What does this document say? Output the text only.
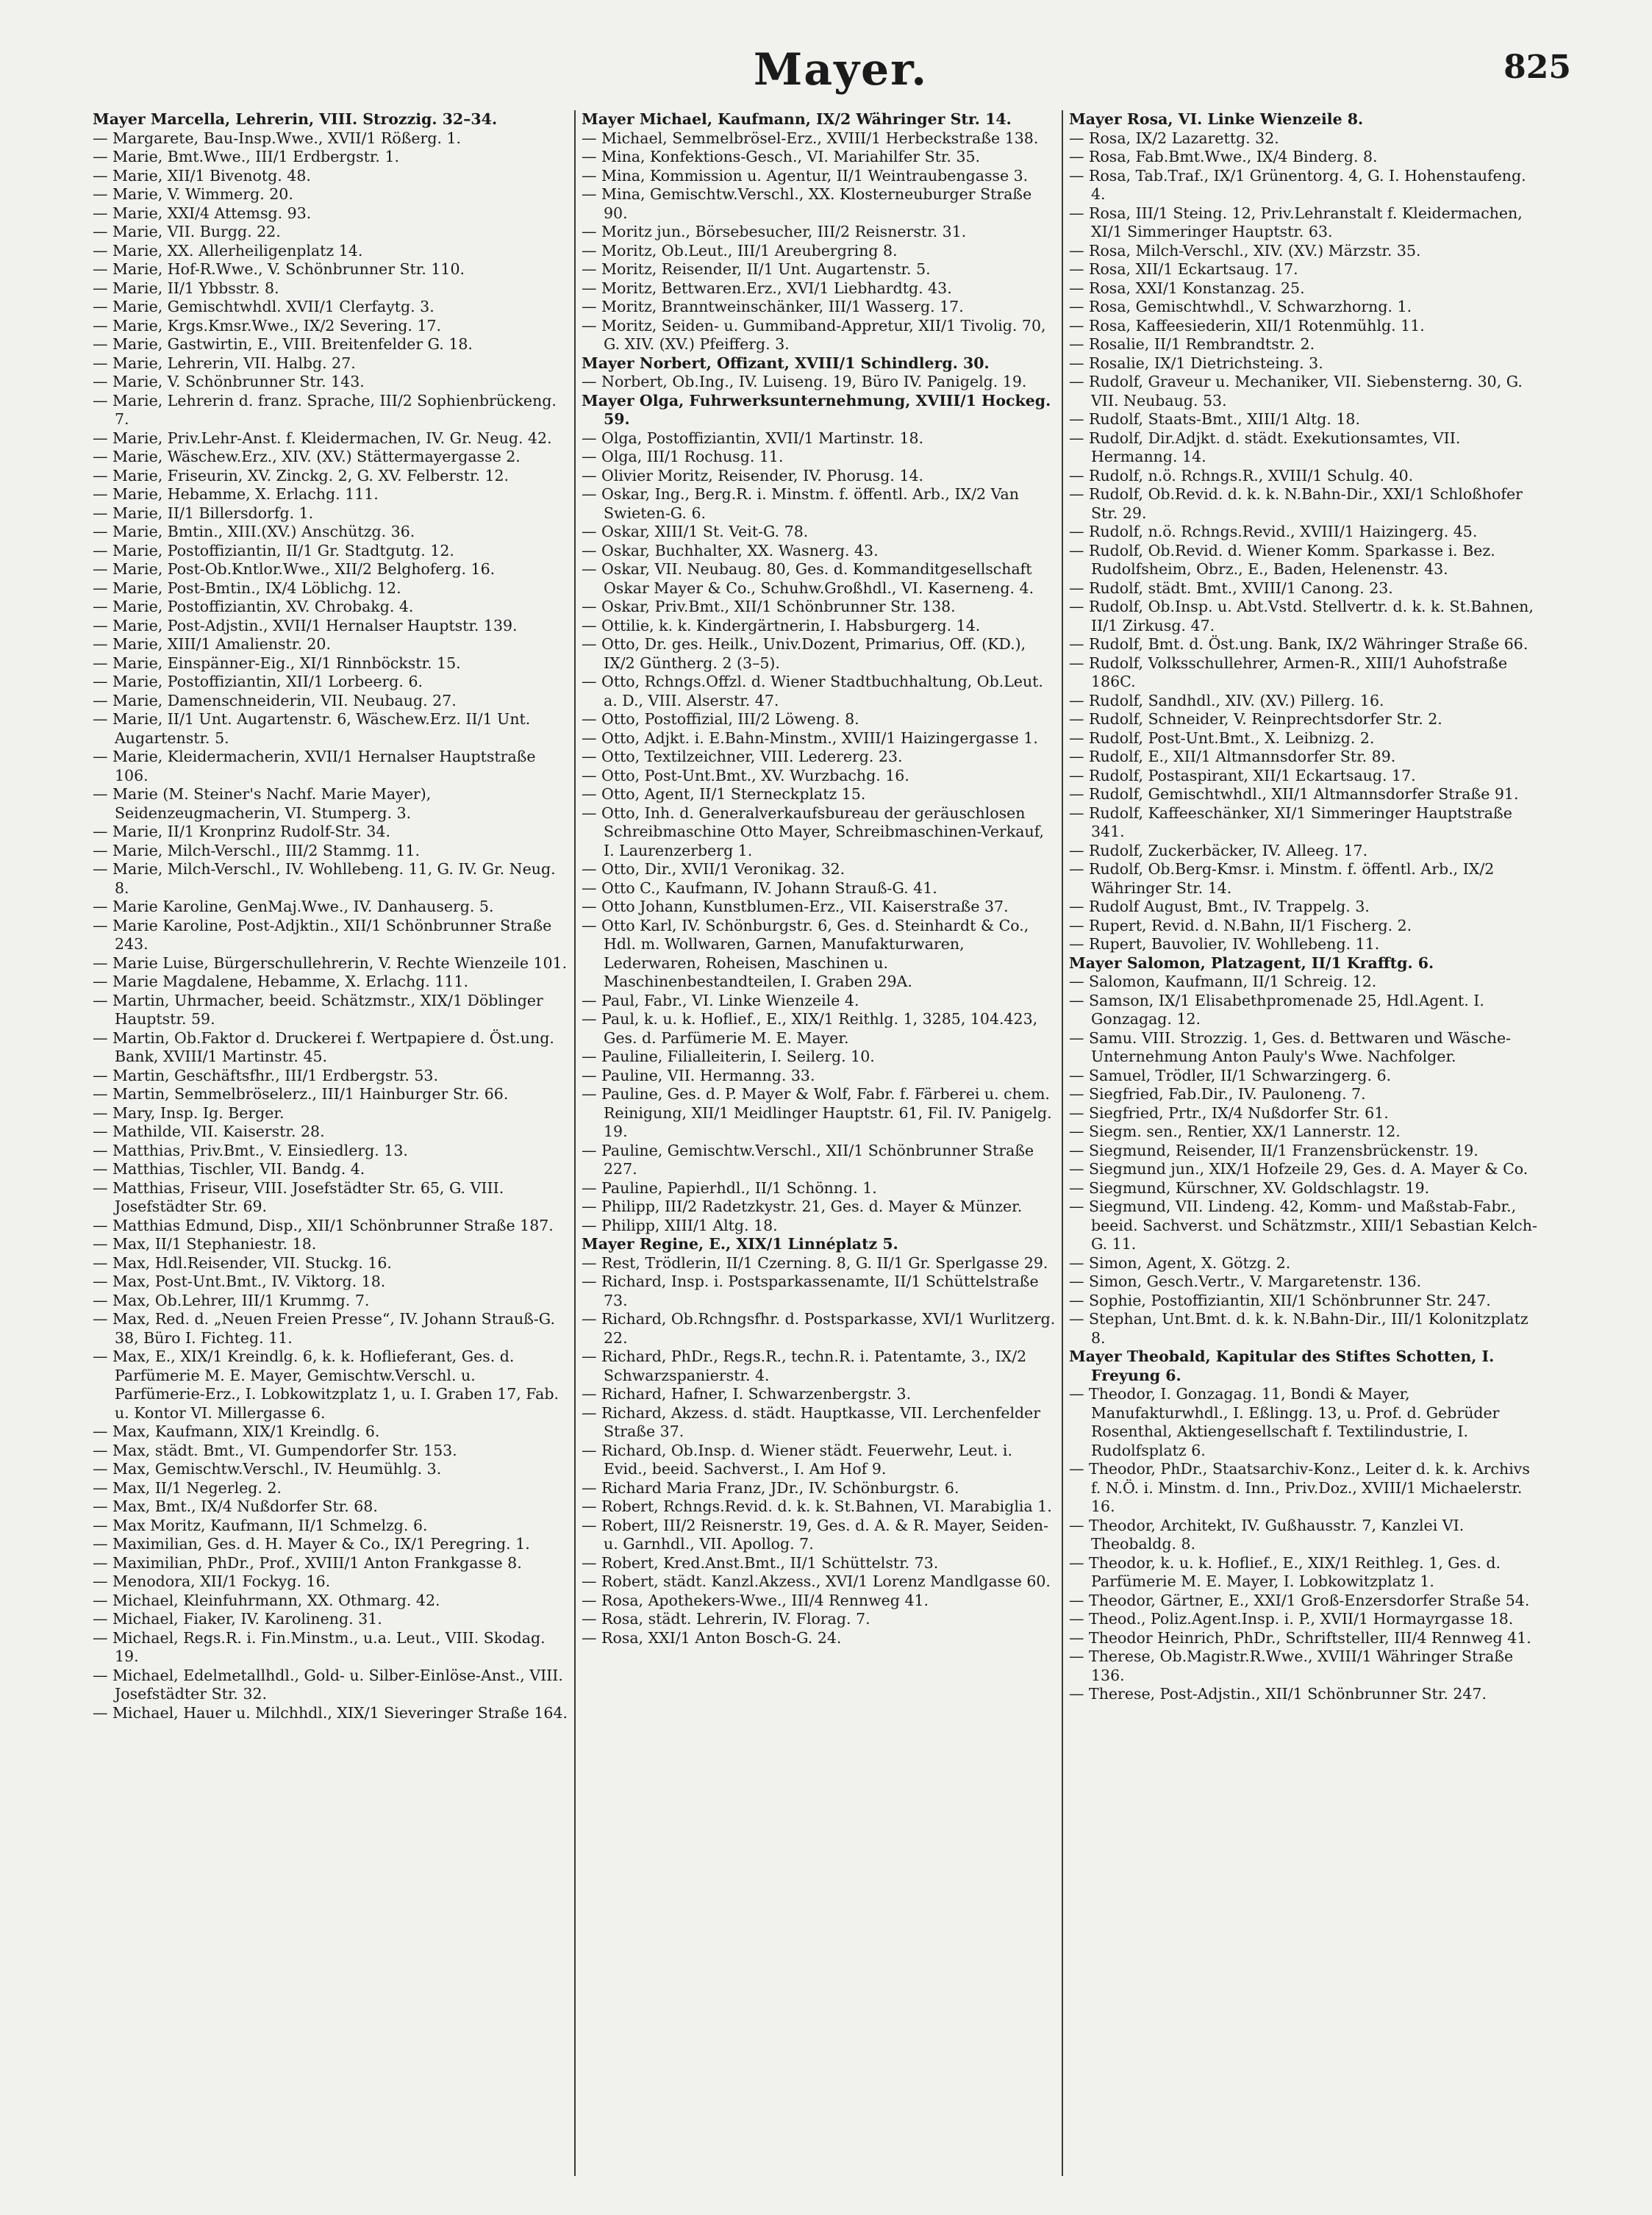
Mayer.	825
Mayer Marcella, Lehrerin, VIII. Strozzig. 32–34.
— Margarete, Bau-Insp.Wwe., XVII/1 Rößerg. 1.
— Marie, Bmt.Wwe., III/1 Erdbergstr. 1.
— Marie, XII/1 Bivenotg. 48.
— Marie, V. Wimmerg. 20.
— Marie, XXI/4 Attemsg. 93.
— Marie, VII. Burgg. 22.
— Marie, XX. Allerheiligenplatz 14.
— Marie, Hof-R.Wwe., V. Schönbrunner Str. 110.
— Marie, II/1 Ybbsstr. 8.
— Marie, Gemischtwhdl. XVII/1 Clerfaytg. 3.
— Marie, Krgs.Kmsr.Wwe., IX/2 Severing. 17.
— Marie, Gastwirtin, E., VIII. Breitenfelder G. 18.
— Marie, Lehrerin, VII. Halbg. 27.
— Marie, V. Schönbrunner Str. 143.
— Marie, Lehrerin d. franz. Sprache, III/2 Sophienbrückeng. 7.
— Marie, Priv.Lehr-Anst. f. Kleidermachen, IV. Gr. Neug. 42.
— Marie, Wäschew.Erz., XIV. (XV.) Stättermayergasse 2.
— Marie, Friseurin, XV. Zinckg. 2, G. XV. Felberstr. 12.
— Marie, Hebamme, X. Erlachg. 111.
— Marie, II/1 Billersdorfg. 1.
— Marie, Bmtin., XIII.(XV.) Anschützg. 36.
— Marie, Postoffiziantin, II/1 Gr. Stadtgutg. 12.
— Marie, Post-Ob.Kntlor.Wwe., XII/2 Belghoferg. 16.
— Marie, Post-Bmtin., IX/4 Löblichg. 12.
— Marie, Postoffiziantin, XV. Chrobakg. 4.
— Marie, Post-Adjstin., XVII/1 Hernalser Hauptstr. 139.
— Marie, XIII/1 Amalienstr. 20.
— Marie, Einspänner-Eig., XI/1 Rinnböckstr. 15.
— Marie, Postoffiziantin, XII/1 Lorbeerg. 6.
— Marie, Damenschneiderin, VII. Neubaug. 27.
— Marie, II/1 Unt. Augartenstr. 6, Wäschew.Erz. II/1 Unt. Augartenstr. 5.
— Marie, Kleidermacherin, XVII/1 Hernalser Hauptstraße 106.
— Marie (M. Steiner's Nachf. Marie Mayer), Seidenzeugmacherin, VI. Stumperg. 3.
— Marie, II/1 Kronprinz Rudolf-Str. 34.
— Marie, Milch-Verschl., III/2 Stammg. 11.
— Marie, Milch-Verschl., IV. Wohllebeng. 11, G. IV. Gr. Neug. 8.
— Marie Karoline, GenMaj.Wwe., IV. Danhauserg. 5.
— Marie Karoline, Post-Adjktin., XII/1 Schönbrunner Straße 243.
— Marie Luise, Bürgerschullehrerin, V. Rechte Wienzeile 101.
— Marie Magdalene, Hebamme, X. Erlachg. 111.
— Martin, Uhrmacher, beeid. Schätzmstr., XIX/1 Döblinger Hauptstr. 59.
— Martin, Ob.Faktor d. Druckerei f. Wertpapiere d. Öst.ung. Bank, XVIII/1 Martinstr. 45.
— Martin, Geschäftsfhr., III/1 Erdbergstr. 53.
— Martin, Semmelbröselerz., III/1 Hainburger Str. 66.
— Mary, Insp. Ig. Berger.
— Mathilde, VII. Kaiserstr. 28.
— Matthias, Priv.Bmt., V. Einsiedlerg. 13.
— Matthias, Tischler, VII. Bandg. 4.
— Matthias, Friseur, VIII. Josefstädter Str. 65, G. VIII. Josefstädter Str. 69.
— Matthias Edmund, Disp., XII/1 Schönbrunner Straße 187.
— Max, II/1 Stephaniestr. 18.
— Max, Hdl.Reisender, VII. Stuckg. 16.
— Max, Post-Unt.Bmt., IV. Viktorg. 18.
— Max, Ob.Lehrer, III/1 Krummg. 7.
— Max, Red. d. „Neuen Freien Presse“, IV. Johann Strauß-G. 38, Büro I. Fichteg. 11.
— Max, E., XIX/1 Kreindlg. 6, k. k. Hoflieferant, Ges. d. Parfümerie M. E. Mayer, Gemischtw.Verschl. u. Parfümerie-Erz., I. Lobkowitzplatz 1, u. I. Graben 17, Fab. u. Kontor VI. Millergasse 6.
— Max, Kaufmann, XIX/1 Kreindlg. 6.
— Max, städt. Bmt., VI. Gumpendorfer Str. 153.
— Max, Gemischtw.Verschl., IV. Heumühlg. 3.
— Max, II/1 Negerleg. 2.
— Max, Bmt., IX/4 Nußdorfer Str. 68.
— Max Moritz, Kaufmann, II/1 Schmelzg. 6.
— Maximilian, Ges. d. H. Mayer & Co., IX/1 Peregring. 1.
— Maximilian, PhDr., Prof., XVIII/1 Anton Frankgasse 8.
— Menodora, XII/1 Fockyg. 16.
— Michael, Kleinfuhrmann, XX. Othmarg. 42.
— Michael, Fiaker, IV. Karolineng. 31.
— Michael, Regs.R. i. Fin.Minstm., u.a. Leut., VIII. Skodag. 19.
— Michael, Edelmetallhdl., Gold- u. Silber-Einlöse-Anst., VIII. Josefstädter Str. 32.
— Michael, Hauer u. Milchhdl., XIX/1 Sieveringer Straße 164.
Mayer Michael, Kaufmann, IX/2 Währinger Str. 14.
— Michael, Semmelbrösel-Erz., XVIII/1 Herbeckstraße 138.
— Mina, Konfektions-Gesch., VI. Mariahilfer Str. 35.
— Mina, Kommission u. Agentur, II/1 Weintraubengasse 3.
— Mina, Gemischtw.Verschl., XX. Klosterneuburger Straße 90.
— Moritz jun., Börsebesucher, III/2 Reisnerstr. 31.
— Moritz, Ob.Leut., III/1 Areubergring 8.
— Moritz, Reisender, II/1 Unt. Augartenstr. 5.
— Moritz, Bettwaren.Erz., XVI/1 Liebhardtg. 43.
— Moritz, Branntweinschänker, III/1 Wasserg. 17.
— Moritz, Seiden- u. Gummiband-Appretur, XII/1 Tivolig. 70, G. XIV. (XV.) Pfeifferg. 3.
Mayer Norbert, Offizant, XVIII/1 Schindlerg. 30.
— Norbert, Ob.Ing., IV. Luiseng. 19, Büro IV. Panigelg. 19.
Mayer Olga, Fuhrwerksunternehmung, XVIII/1 Hockeg. 59.
— Olga, Postoffiziantin, XVII/1 Martinstr. 18.
— Olga, III/1 Rochusg. 11.
— Olivier Moritz, Reisender, IV. Phorusg. 14.
— Oskar, Ing., Berg.R. i. Minstm. f. öffentl. Arb., IX/2 Van Swieten-G. 6.
— Oskar, XIII/1 St. Veit-G. 78.
— Oskar, Buchhalter, XX. Wasnerg. 43.
— Oskar, VII. Neubaug. 80, Ges. d. Kommanditgesellschaft Oskar Mayer & Co., Schuhw.Großhdl., VI. Kaserneng. 4.
— Oskar, Priv.Bmt., XII/1 Schönbrunner Str. 138.
— Ottilie, k. k. Kindergärtnerin, I. Habsburgerg. 14.
— Otto, Dr. ges. Heilk., Univ.Dozent, Primarius, Off. (KD.), IX/2 Güntherg. 2 (3–5).
— Otto, Rchngs.Offzl. d. Wiener Stadtbuchhaltung, Ob.Leut. a. D., VIII. Alserstr. 47.
— Otto, Postoffizial, III/2 Löweng. 8.
— Otto, Adjkt. i. E.Bahn-Minstm., XVIII/1 Haizingergasse 1.
— Otto, Textilzeichner, VIII. Ledererg. 23.
— Otto, Post-Unt.Bmt., XV. Wurzbachg. 16.
— Otto, Agent, II/1 Sterneckplatz 15.
— Otto, Inh. d. Generalverkaufsbureau der geräuschlosen Schreibmaschine Otto Mayer, Schreibmaschinen-Verkauf, I. Laurenzerberg 1.
— Otto, Dir., XVII/1 Veronikag. 32.
— Otto C., Kaufmann, IV. Johann Strauß-G. 41.
— Otto Johann, Kunstblumen-Erz., VII. Kaiserstraße 37.
— Otto Karl, IV. Schönburgstr. 6, Ges. d. Steinhardt & Co., Hdl. m. Wollwaren, Garnen, Manufakturwaren, Lederwaren, Roheisen, Maschinen u. Maschinenbestandteilen, I. Graben 29A.
— Paul, Fabr., VI. Linke Wienzeile 4.
— Paul, k. u. k. Hoflief., E., XIX/1 Reithlg. 1, 3285, 104.423, Ges. d. Parfümerie M. E. Mayer.
— Pauline, Filialleiterin, I. Seilerg. 10.
— Pauline, VII. Hermanng. 33.
— Pauline, Ges. d. P. Mayer & Wolf, Fabr. f. Färberei u. chem. Reinigung, XII/1 Meidlinger Hauptstr. 61, Fil. IV. Panigelg. 19.
— Pauline, Gemischtw.Verschl., XII/1 Schönbrunner Straße 227.
— Pauline, Papierhdl., II/1 Schönng. 1.
— Philipp, III/2 Radetzkystr. 21, Ges. d. Mayer & Münzer.
— Philipp, XIII/1 Altg. 18.
Mayer Regine, E., XIX/1 Linnéplatz 5.
— Rest, Trödlerin, II/1 Czerning. 8, G. II/1 Gr. Sperlgasse 29.
— Richard, Insp. i. Postsparkassenamte, II/1 Schüttelstraße 73.
— Richard, Ob.Rchngsfhr. d. Postsparkasse, XVI/1 Wurlitzerg. 22.
— Richard, PhDr., Regs.R., techn.R. i. Patentamte, 3., IX/2 Schwarzspanierstr. 4.
— Richard, Hafner, I. Schwarzenbergstr. 3.
— Richard, Akzess. d. städt. Hauptkasse, VII. Lerchenfelder Straße 37.
— Richard, Ob.Insp. d. Wiener städt. Feuerwehr, Leut. i. Evid., beeid. Sachverst., I. Am Hof 9.
— Richard Maria Franz, JDr., IV. Schönburgstr. 6.
— Robert, Rchngs.Revid. d. k. k. St.Bahnen, VI. Marabiglia 1.
— Robert, III/2 Reisnerstr. 19, Ges. d. A. & R. Mayer, Seiden- u. Garnhdl., VII. Apollog. 7.
— Robert, Kred.Anst.Bmt., II/1 Schüttelstr. 73.
— Robert, städt. Kanzl.Akzess., XVI/1 Lorenz Mandlgasse 60.
— Rosa, Apothekers-Wwe., III/4 Rennweg 41.
— Rosa, städt. Lehrerin, IV. Florag. 7.
— Rosa, XXI/1 Anton Bosch-G. 24.
Mayer Rosa, VI. Linke Wienzeile 8.
— Rosa, IX/2 Lazarettg. 32.
— Rosa, Fab.Bmt.Wwe., IX/4 Binderg. 8.
— Rosa, Tab.Traf., IX/1 Grünentorg. 4, G. I. Hohenstaufeng. 4.
— Rosa, III/1 Steing. 12, Priv.Lehranstalt f. Kleidermachen, XI/1 Simmeringer Hauptstr. 63.
— Rosa, Milch-Verschl., XIV. (XV.) Märzstr. 35.
— Rosa, XII/1 Eckartsaug. 17.
— Rosa, XXI/1 Konstanzag. 25.
— Rosa, Gemischtwhdl., V. Schwarzhorng. 1.
— Rosa, Kaffeesiederin, XII/1 Rotenmühlg. 11.
— Rosalie, II/1 Rembrandtstr. 2.
— Rosalie, IX/1 Dietrichsteing. 3.
— Rudolf, Graveur u. Mechaniker, VII. Siebensterng. 30, G. VII. Neubaug. 53.
— Rudolf, Staats-Bmt., XIII/1 Altg. 18.
— Rudolf, Dir.Adjkt. d. städt. Exekutionsamtes, VII. Hermanng. 14.
— Rudolf, n.ö. Rchngs.R., XVIII/1 Schulg. 40.
— Rudolf, Ob.Revid. d. k. k. N.Bahn-Dir., XXI/1 Schloßhofer Str. 29.
— Rudolf, n.ö. Rchngs.Revid., XVIII/1 Haizingerg. 45.
— Rudolf, Ob.Revid. d. Wiener Komm. Sparkasse i. Bez. Rudolfsheim, Obrz., E., Baden, Helenenstr. 43.
— Rudolf, städt. Bmt., XVIII/1 Canong. 23.
— Rudolf, Ob.Insp. u. Abt.Vstd. Stellvertr. d. k. k. St.Bahnen, II/1 Zirkusg. 47.
— Rudolf, Bmt. d. Öst.ung. Bank, IX/2 Währinger Straße 66.
— Rudolf, Volksschullehrer, Armen-R., XIII/1 Auhofstraße 186C.
— Rudolf, Sandhdl., XIV. (XV.) Pillerg. 16.
— Rudolf, Schneider, V. Reinprechtsdorfer Str. 2.
— Rudolf, Post-Unt.Bmt., X. Leibnizg. 2.
— Rudolf, E., XII/1 Altmannsdorfer Str. 89.
— Rudolf, Postaspirant, XII/1 Eckartsaug. 17.
— Rudolf, Gemischtwhdl., XII/1 Altmannsdorfer Straße 91.
— Rudolf, Kaffeeschänker, XI/1 Simmeringer Hauptstraße 341.
— Rudolf, Zuckerbäcker, IV. Alleeg. 17.
— Rudolf, Ob.Berg-Kmsr. i. Minstm. f. öffentl. Arb., IX/2 Währinger Str. 14.
— Rudolf August, Bmt., IV. Trappelg. 3.
— Rupert, Revid. d. N.Bahn, II/1 Fischerg. 2.
— Rupert, Bauvolier, IV. Wohllebeng. 11.
Mayer Salomon, Platzagent, II/1 Krafftg. 6.
— Salomon, Kaufmann, II/1 Schreig. 12.
— Samson, IX/1 Elisabethpromenade 25, Hdl.Agent. I. Gonzagag. 12.
— Samu. VIII. Strozzig. 1, Ges. d. Bettwaren und Wäsche-Unternehmung Anton Pauly's Wwe. Nachfolger.
— Samuel, Trödler, II/1 Schwarzingerg. 6.
— Siegfried, Fab.Dir., IV. Pauloneng. 7.
— Siegfried, Prtr., IX/4 Nußdorfer Str. 61.
— Siegm. sen., Rentier, XX/1 Lannerstr. 12.
— Siegmund, Reisender, II/1 Franzensbrückenstr. 19.
— Siegmund jun., XIX/1 Hofzeile 29, Ges. d. A. Mayer & Co.
— Siegmund, Kürschner, XV. Goldschlagstr. 19.
— Siegmund, VII. Lindeng. 42, Komm- und Maßstab-Fabr., beeid. Sachverst. und Schätzmstr., XIII/1 Sebastian Kelch-G. 11.
— Simon, Agent, X. Götzg. 2.
— Simon, Gesch.Vertr., V. Margaretenstr. 136.
— Sophie, Postoffiziantin, XII/1 Schönbrunner Str. 247.
— Stephan, Unt.Bmt. d. k. k. N.Bahn-Dir., III/1 Kolonitzplatz 8.
Mayer Theobald, Kapitular des Stiftes Schotten, I. Freyung 6.
— Theodor, I. Gonzagag. 11, Bondi & Mayer, Manufakturwhdl., I. Eßlingg. 13, u. Prof. d. Gebrüder Rosenthal, Aktiengesellschaft f. Textilindustrie, I. Rudolfsplatz 6.
— Theodor, PhDr., Staatsarchiv-Konz., Leiter d. k. k. Archivs f. N.Ö. i. Minstm. d. Inn., Priv.Doz., XVIII/1 Michaelerstr. 16.
— Theodor, Architekt, IV. Gußhausstr. 7, Kanzlei VI. Theobaldg. 8.
— Theodor, k. u. k. Hoflief., E., XIX/1 Reithleg. 1, Ges. d. Parfümerie M. E. Mayer, I. Lobkowitzplatz 1.
— Theodor, Gärtner, E., XXI/1 Groß-Enzersdorfer Straße 54.
— Theod., Poliz.Agent.Insp. i. P., XVII/1 Hormayrgasse 18.
— Theodor Heinrich, PhDr., Schriftsteller, III/4 Rennweg 41.
— Therese, Ob.Magistr.R.Wwe., XVIII/1 Währinger Straße 136.
— Therese, Post-Adjstin., XII/1 Schönbrunner Str. 247.
